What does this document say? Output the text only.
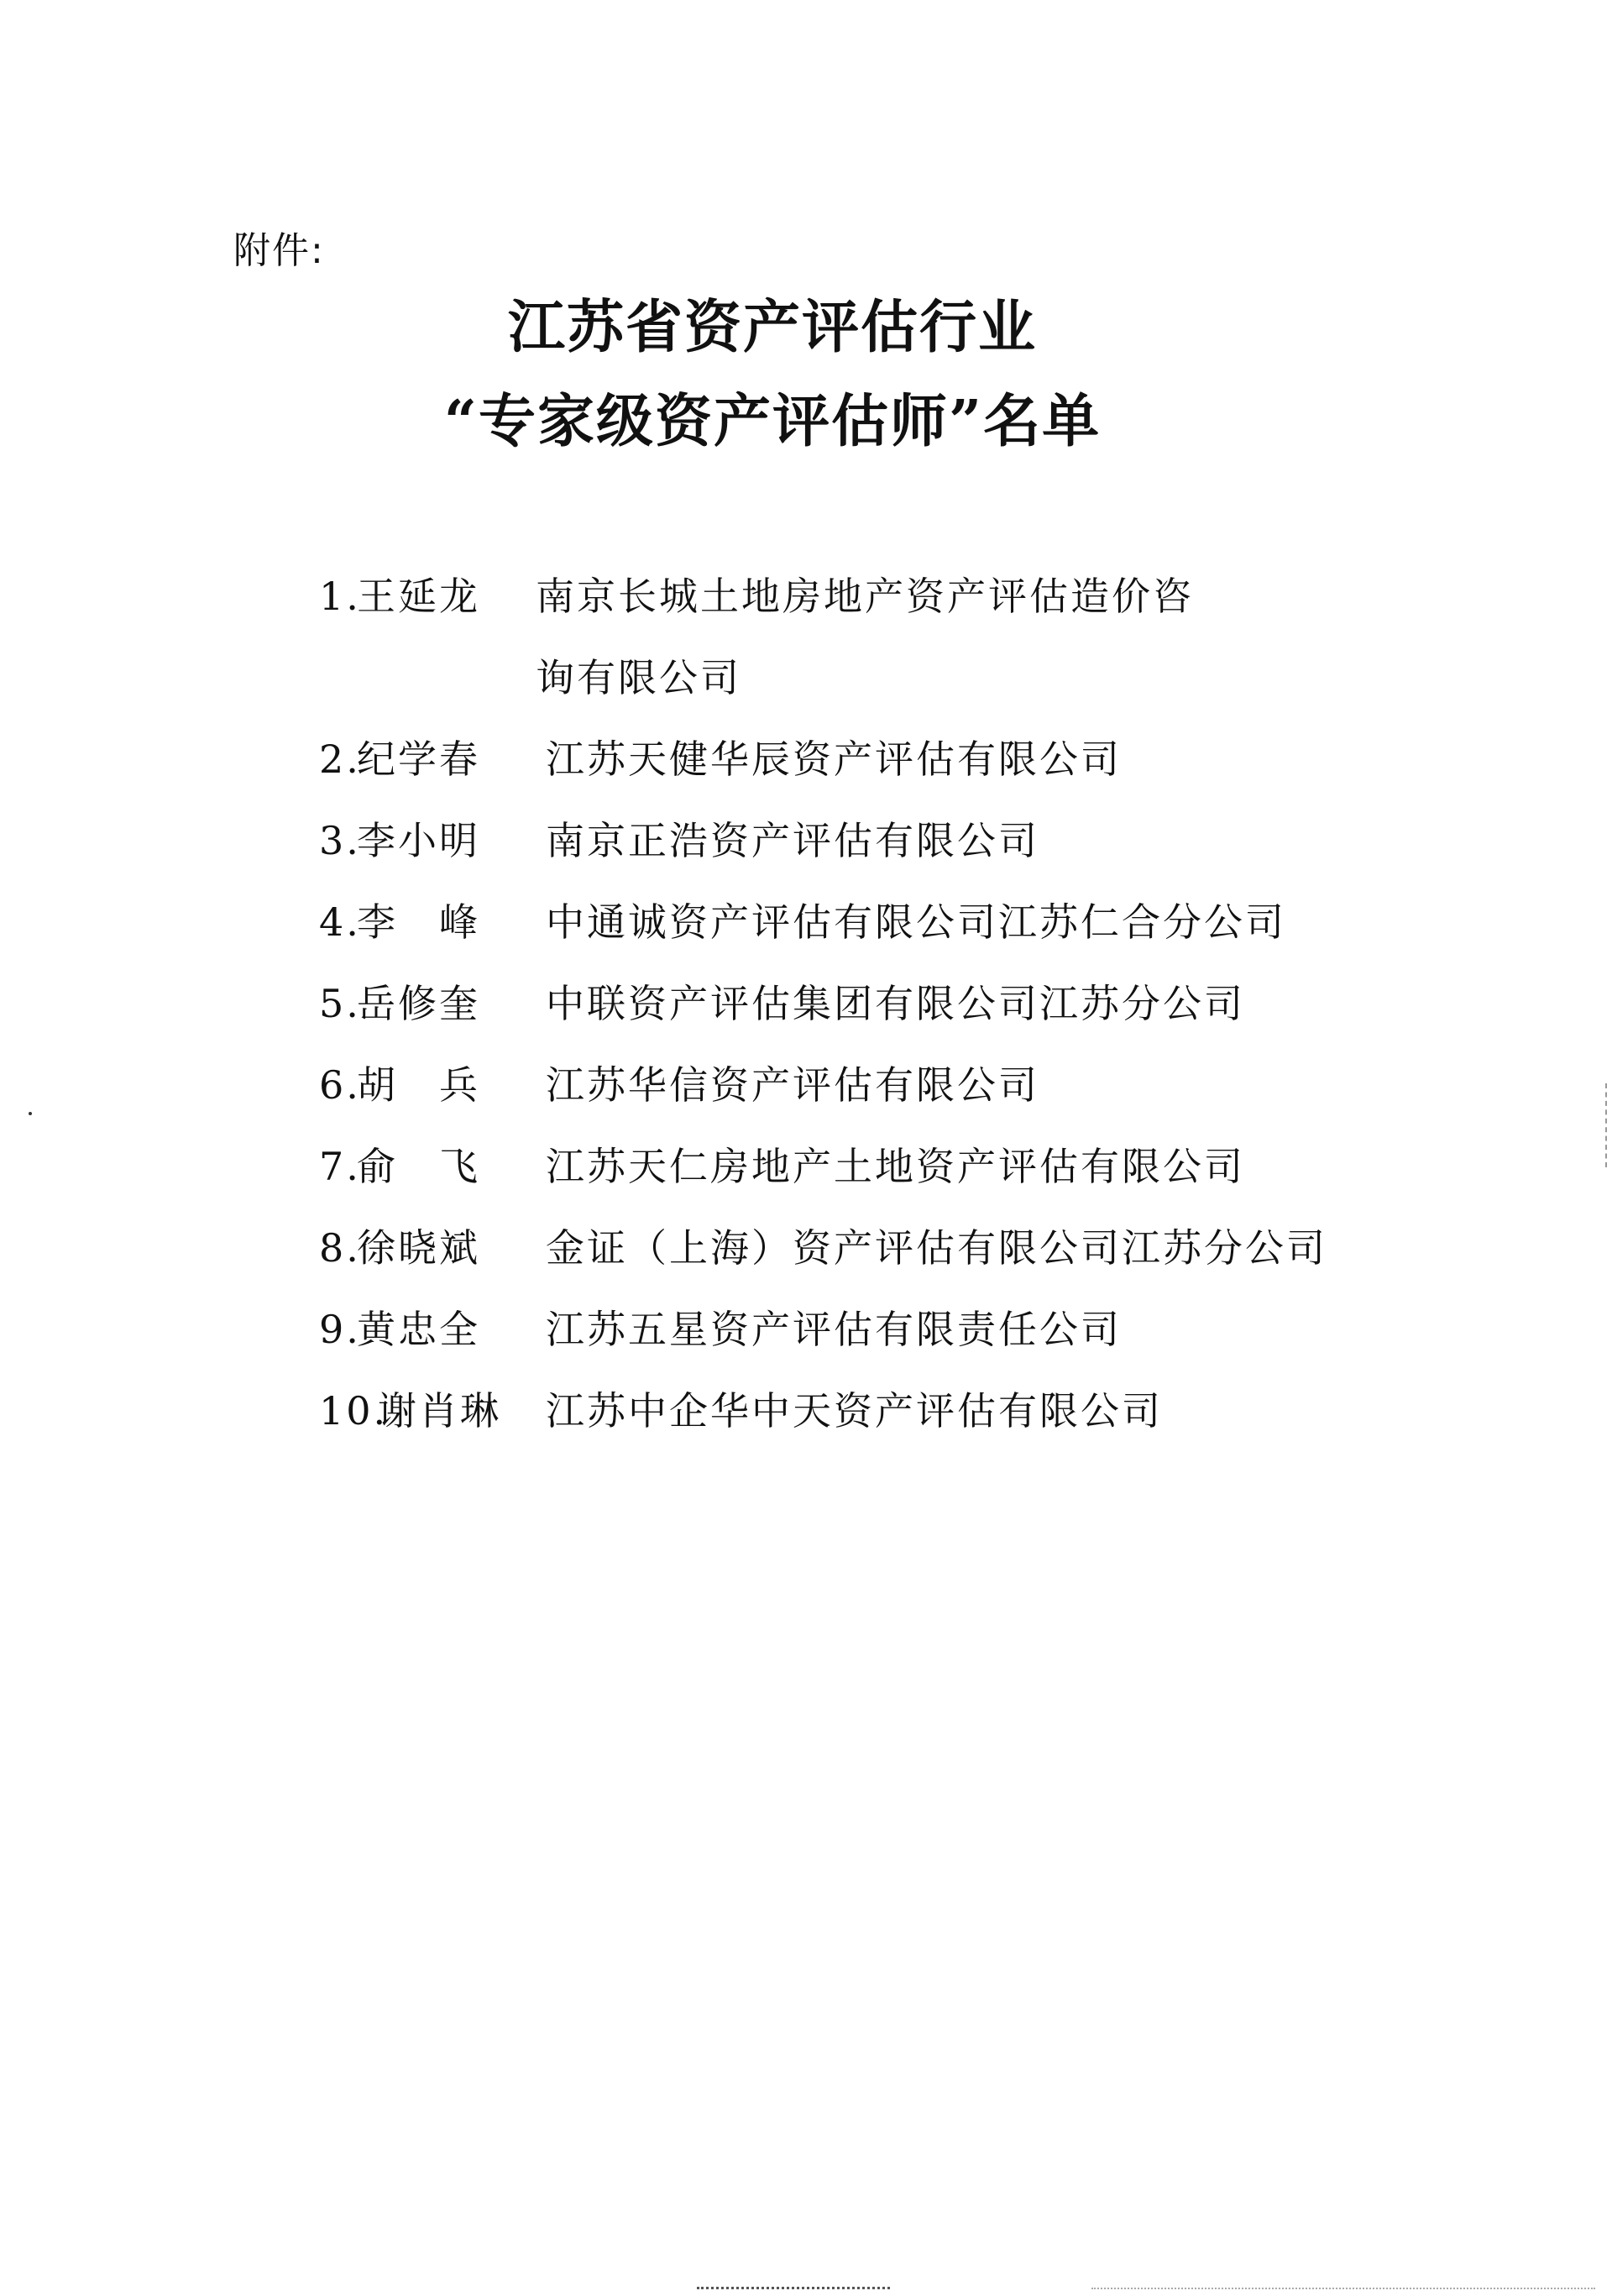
附件:
江苏省资产评估行业
“专家级资产评估师”名单
1.
王延龙 南京长城土地房地产资产评估造价咨询有限公司
2.
纪学春 江苏天健华辰资产评估有限公司
3.
李小明 南京正浩资产评估有限公司
4.
李　峰 中通诚资产评估有限公司江苏仁合分公司
5.
岳修奎 中联资产评估集团有限公司江苏分公司
6.
胡　兵 江苏华信资产评估有限公司
7.
俞　飞 江苏天仁房地产土地资产评估有限公司
8.
徐晓斌 金证（上海）资产评估有限公司江苏分公司
9.
黄忠全 江苏五星资产评估有限责任公司
10.
谢肖琳 江苏中企华中天资产评估有限公司
